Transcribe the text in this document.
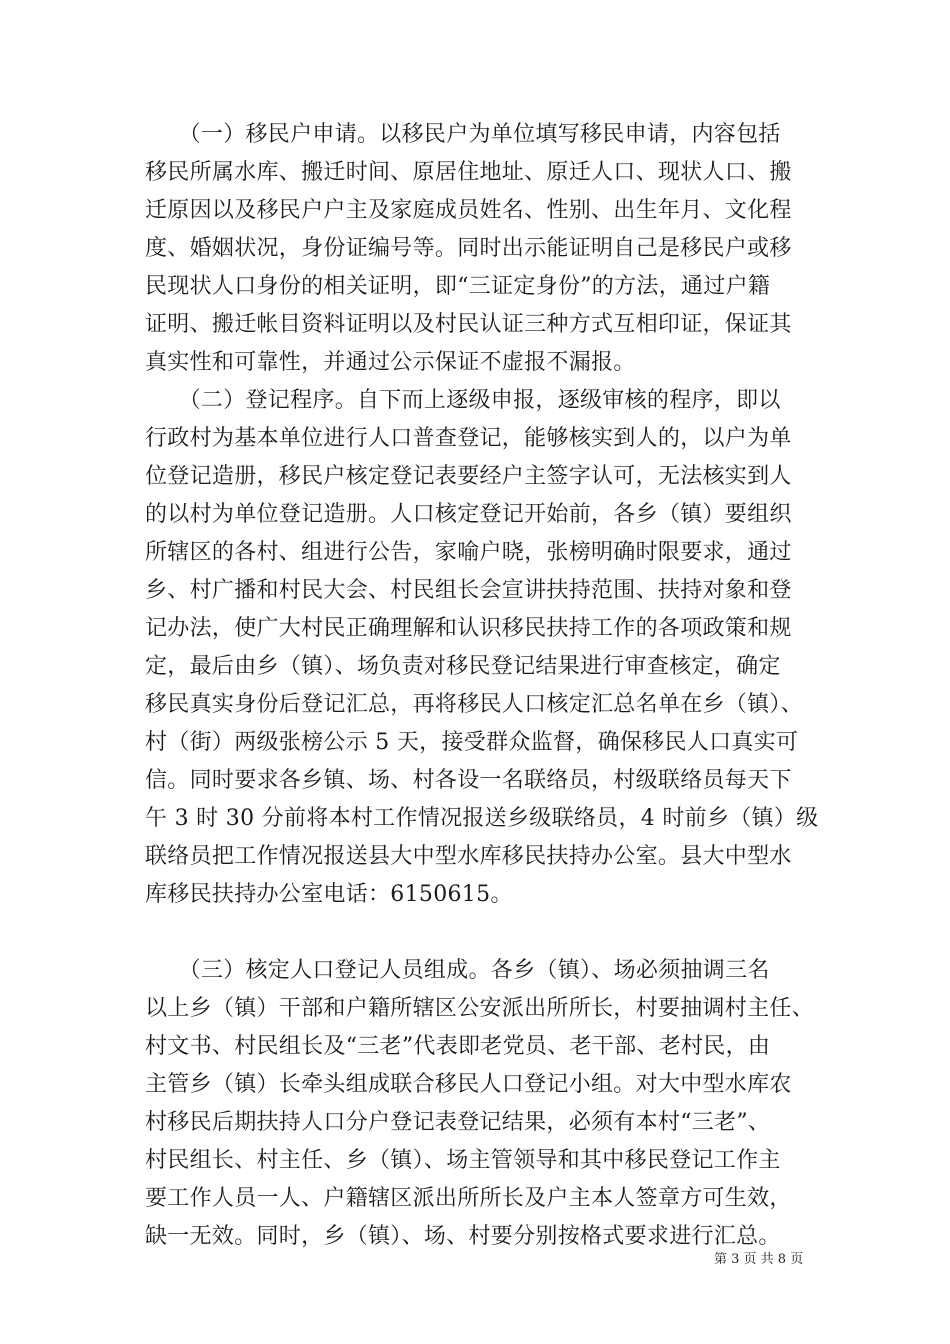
　　（一）移民户申请。以移民户为单位填写移民申请，内容包括
移民所属水库、搬迁时间、原居住地址、原迁人口、现状人口、搬
迁原因以及移民户户主及家庭成员姓名、性别、出生年月、文化程
度、婚姻状况，身份证编号等。同时出示能证明自己是移民户或移
民现状人口身份的相关证明，即“三证定身份”的方法，通过户籍
证明、搬迁帐目资料证明以及村民认证三种方式互相印证，保证其
真实性和可靠性，并通过公示保证不虚报不漏报。
　　（二）登记程序。自下而上逐级申报，逐级审核的程序，即以
行政村为基本单位进行人口普查登记，能够核实到人的，以户为单
位登记造册，移民户核定登记表要经户主签字认可，无法核实到人
的以村为单位登记造册。人口核定登记开始前，各乡（镇）要组织
所辖区的各村、组进行公告，家喻户晓，张榜明确时限要求，通过
乡、村广播和村民大会、村民组长会宣讲扶持范围、扶持对象和登
记办法，使广大村民正确理解和认识移民扶持工作的各项政策和规
定，最后由乡（镇）、场负责对移民登记结果进行审查核定，确定
移民真实身份后登记汇总，再将移民人口核定汇总名单在乡（镇）、
村（街）两级张榜公示 5 天，接受群众监督，确保移民人口真实可
信。同时要求各乡镇、场、村各设一名联络员，村级联络员每天下
午 3 时 30 分前将本村工作情况报送乡级联络员，4 时前乡（镇）级
联络员把工作情况报送县大中型水库移民扶持办公室。县大中型水
库移民扶持办公室电话：6150615。
　　（三）核定人口登记人员组成。各乡（镇）、场必须抽调三名
以上乡（镇）干部和户籍所辖区公安派出所所长，村要抽调村主任、
村文书、村民组长及“三老”代表即老党员、老干部、老村民，由
主管乡（镇）长牵头组成联合移民人口登记小组。对大中型水库农
村移民后期扶持人口分户登记表登记结果，必须有本村“三老”、
村民组长、村主任、乡（镇）、场主管领导和其中移民登记工作主
要工作人员一人、户籍辖区派出所所长及户主本人签章方可生效，
缺一无效。同时，乡（镇）、场、村要分别按格式要求进行汇总。
第 3 页 共 8 页
